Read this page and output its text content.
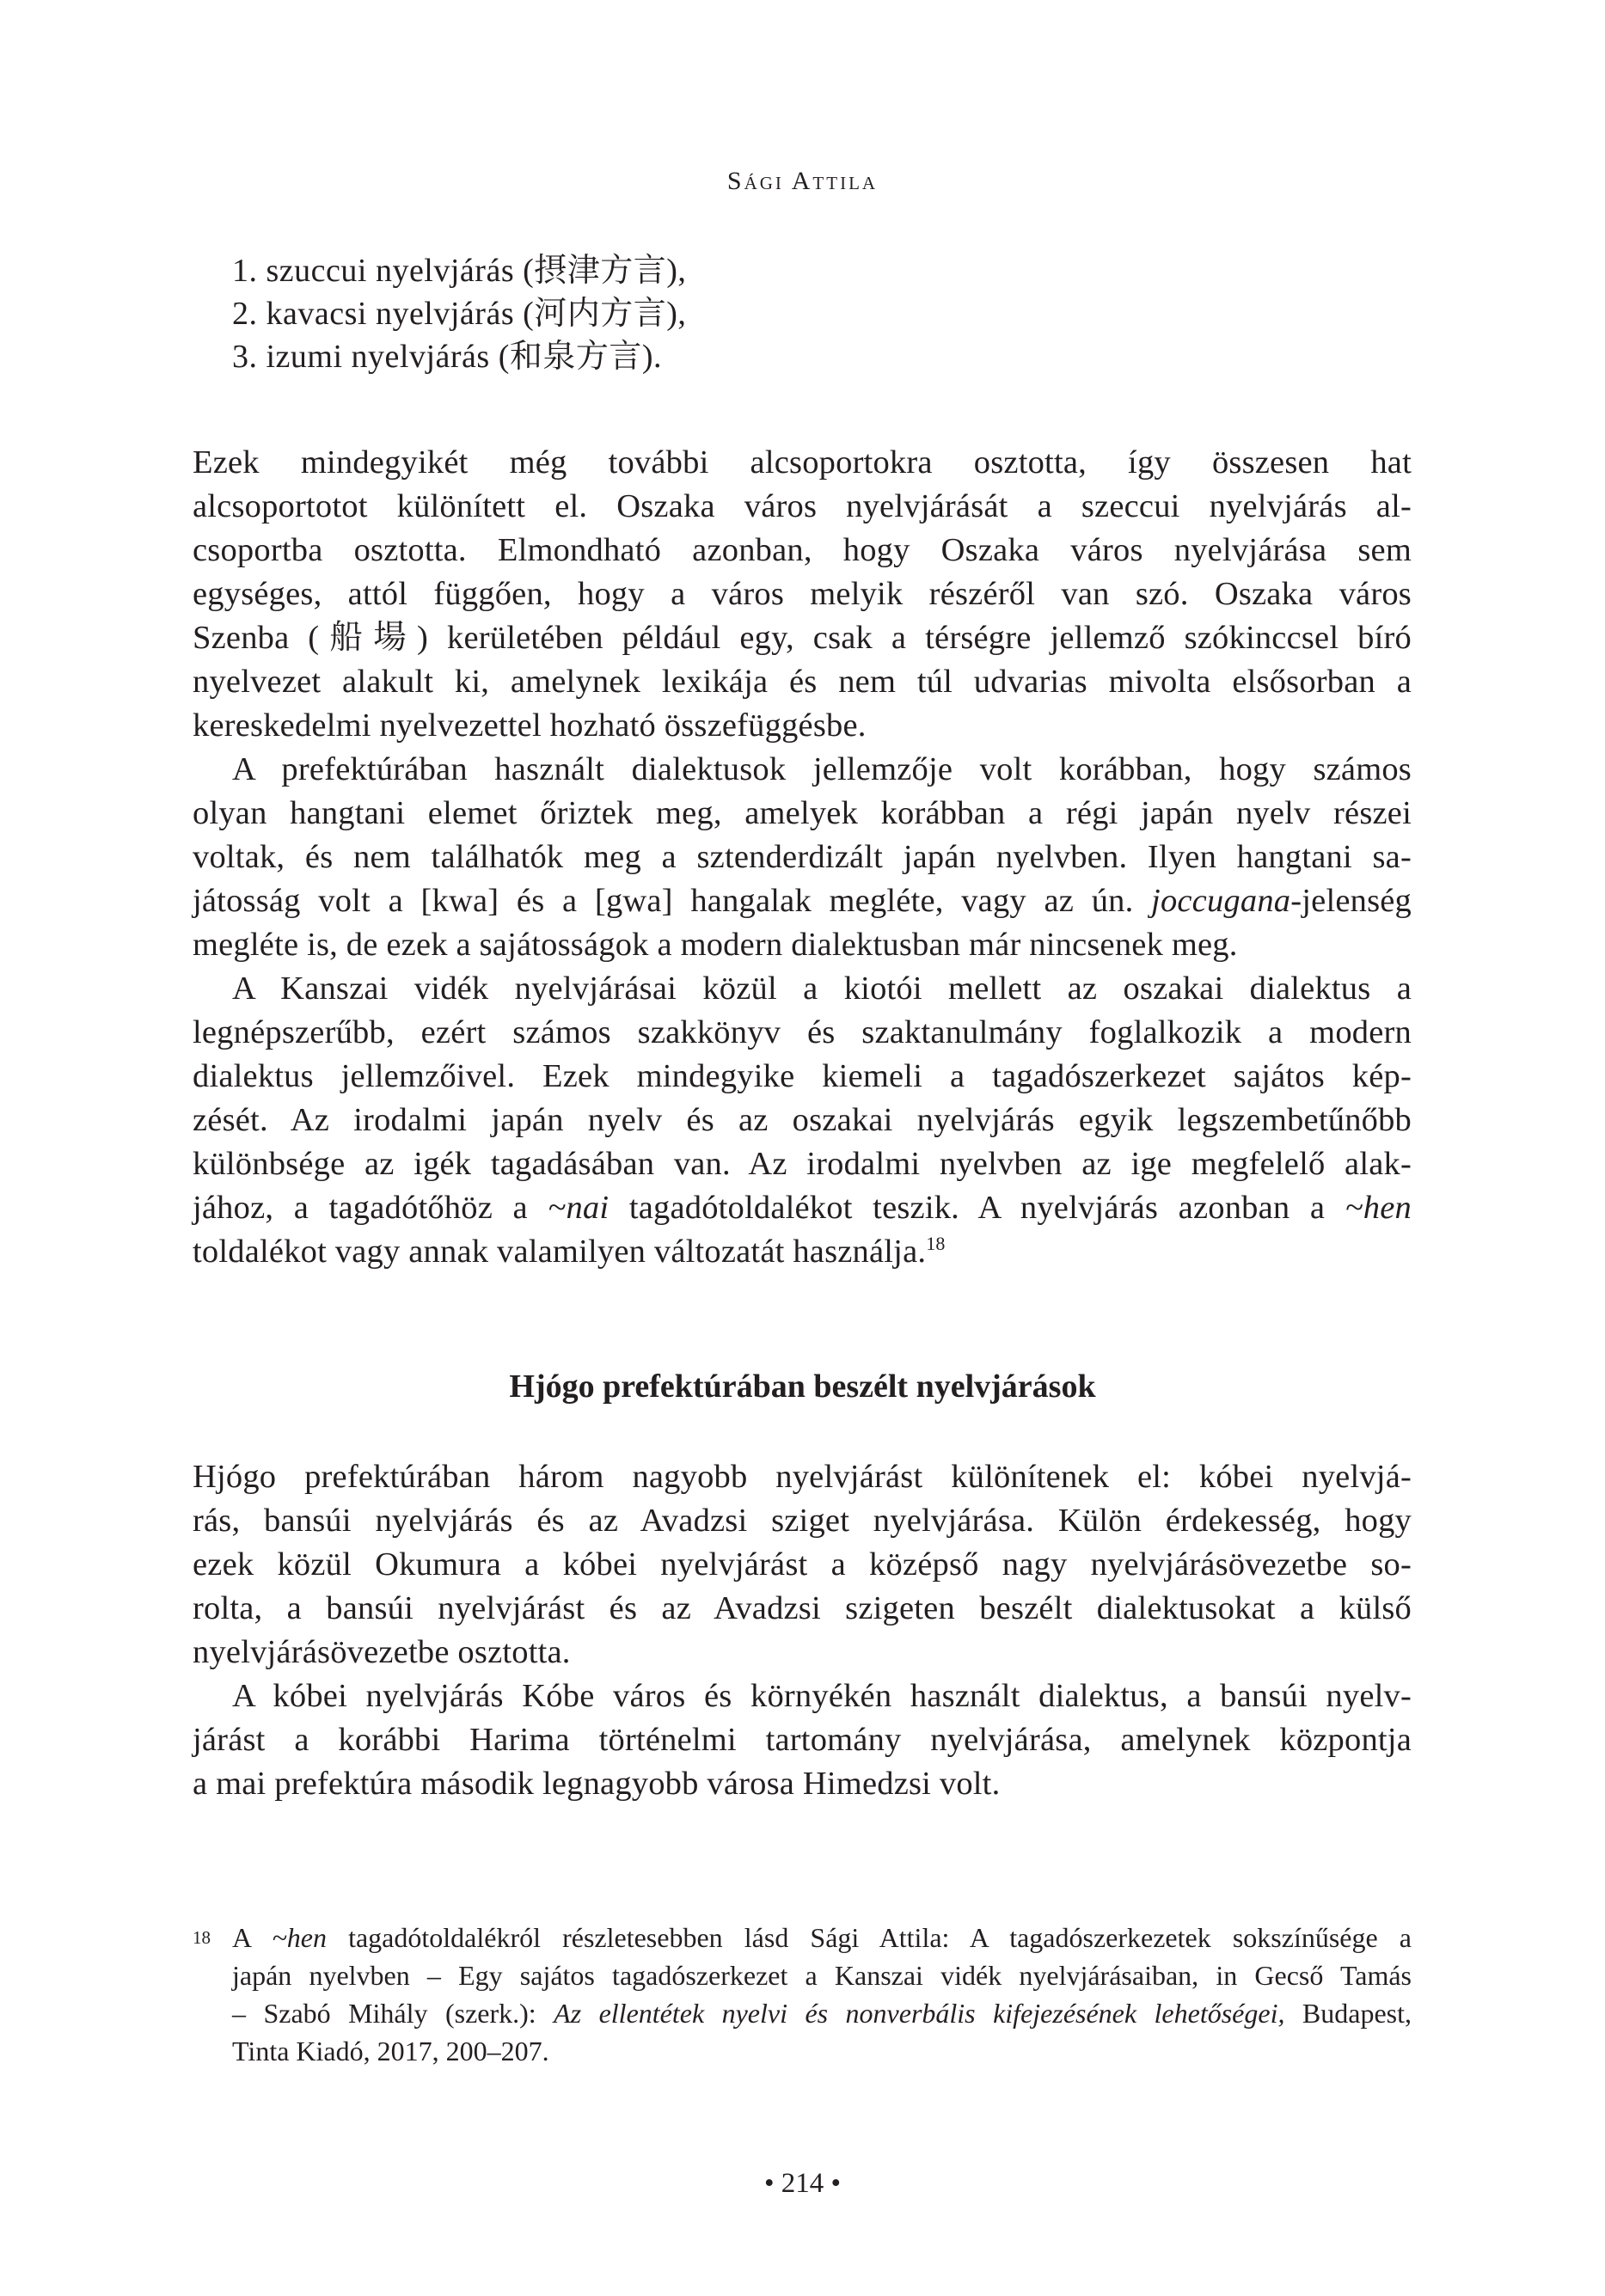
Sági Attila
1. szuccui nyelvjárás (摂津方言),
2. kavacsi nyelvjárás (河内方言),
3. izumi nyelvjárás (和泉方言).

Ezek mindegyikét még további alcsoportokra osztotta, így összesen hat
alcsoportotot különített el. Oszaka város nyelvjárását a szeccui nyelvjárás al-
csoportba osztotta. Elmondható azonban, hogy Oszaka város nyelvjárása sem
egységes, attól függően, hogy a város melyik részéről van szó. Oszaka város
Szenba (船場) kerületében például egy, csak a térségre jellemző szókinccsel bíró
nyelvezet alakult ki, amelynek lexikája és nem túl udvarias mivolta elsősorban a
kereskedelmi nyelvezettel hozható összefüggésbe.

A prefektúrában használt dialektusok jellemzője volt korábban, hogy számos

olyan hangtani elemet őriztek meg, amelyek korábban a régi japán nyelv részei
voltak, és nem találhatók meg a sztenderdizált japán nyelvben. Ilyen hangtani sa-
játosság volt a [kwa] és a [gwa] hangalak megléte, vagy az ún. joccugana-jelenség
megléte is, de ezek a sajátosságok a modern dialektusban már nincsenek meg.

A Kanszai vidék nyelvjárásai közül a kiotói mellett az oszakai dialektus a

legnépszerűbb, ezért számos szakkönyv és szaktanulmány foglalkozik a modern
dialektus jellemzőivel. Ezek mindegyike kiemeli a tagadószerkezet sajátos kép-
zését. Az irodalmi japán nyelv és az oszakai nyelvjárás egyik legszembetűnőbb
különbsége az igék tagadásában van. Az irodalmi nyelvben az ige megfelelő alak-
jához, a tagadótőhöz a ~nai tagadótoldalékot teszik. A nyelvjárás azonban a ~hen
toldalékot vagy annak valamilyen változatát használja.$^{18}$

Hjógo prefektúrában beszélt nyelvjárások

Hjógo prefektúrában három nagyobb nyelvjárást különítenek el: kóbei nyelvjá-
rás, bansúi nyelvjárás és az Avadzsi sziget nyelvjárása. Külön érdekesség, hogy
ezek közül Okumura a kóbei nyelvjárást a középső nagy nyelvjárásövezetbe so-
rolta, a bansúi nyelvjárást és az Avadzsi szigeten beszélt dialektusokat a külső
nyelvjárásövezetbe osztotta.

A kóbei nyelvjárás Kóbe város és környékén használt dialektus, a bansúi nyelv-

járást a korábbi Harima történelmi tartomány nyelvjárása, amelynek központja
a mai prefektúra második legnagyobb városa Himedzsi volt.

18 A ~hen tagadótoldalékról részletesebben lásd Sági Attila: A tagadószerkezetek sokszínűsége a
japán nyelvben – Egy sajátos tagadószerkezet a Kanszai vidék nyelvjárásaiban, in Gecső Tamás
– Szabó Mihály (szerk.): Az ellentétek nyelvi és nonverbális kifejezésének lehetőségei, Budapest,
Tinta Kiadó, 2017, 200–207.
• 214 •
